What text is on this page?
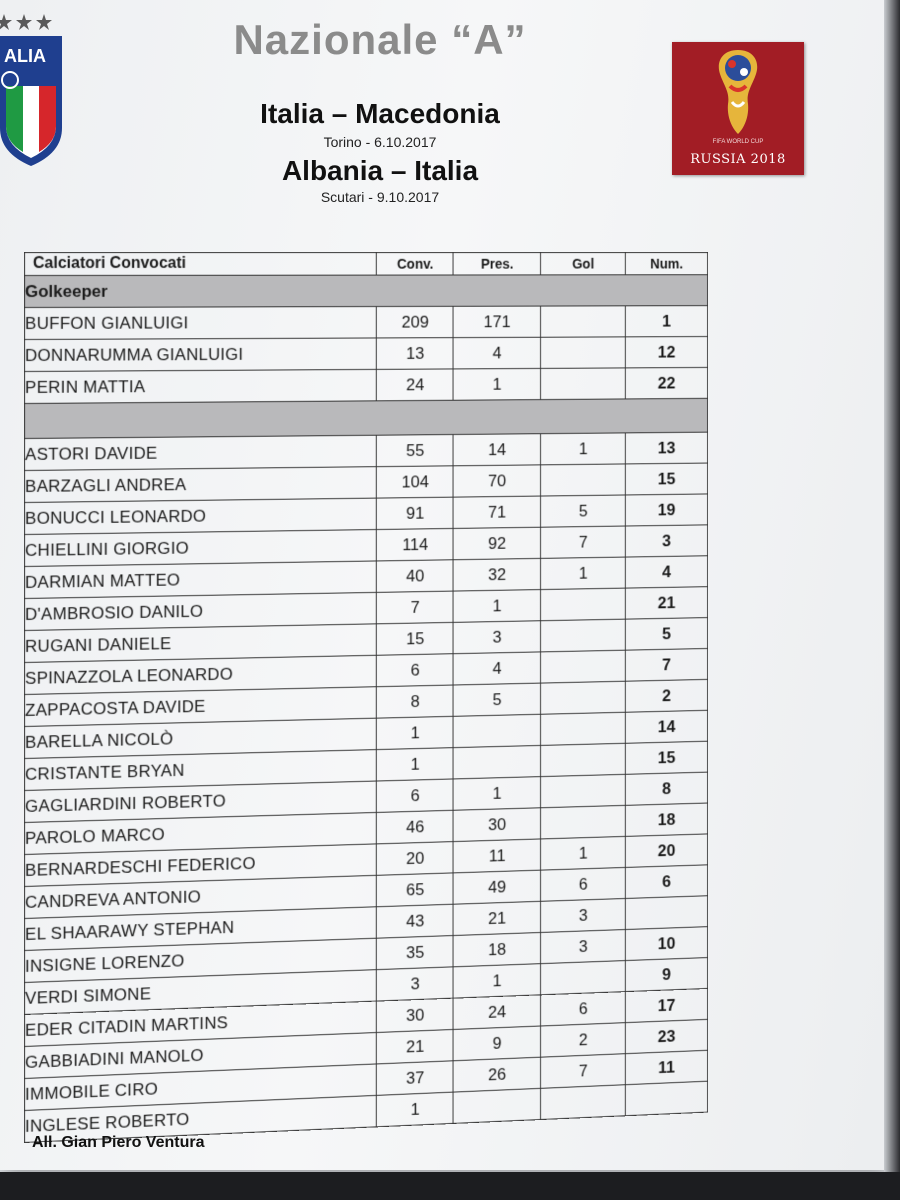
ALIA	Nazionale “A”
Italia – Macedonia
Torino - 6.10.2017
Albania – Italia
Scutari - 9.10.2017
FIFA WORLD CUP
RUSSIA 2018
Calciatori Convocati	Conv.	Pres.	Gol	Num.
Golkeeper				
BUFFON GIANLUIGI	209	171		1
DONNARUMMA GIANLUIGI	13	4		12
PERIN MATTIA	24	1		22

ASTORI DAVIDE	55	14	1	13
BARZAGLI ANDREA	104	70		15
BONUCCI LEONARDO	91	71	5	19
CHIELLINI GIORGIO	114	92	7	3
DARMIAN MATTEO	40	32	1	4
D'AMBROSIO DANILO	7	1		21
RUGANI DANIELE	15	3		5
SPINAZZOLA LEONARDO	6	4		7
ZAPPACOSTA DAVIDE	8	5		2
BARELLA NICOLÒ	1			14
CRISTANTE BRYAN	1			15
GAGLIARDINI ROBERTO	6	1		8
PAROLO MARCO	46	30		18
BERNARDESCHI FEDERICO	20	11	1	20
CANDREVA ANTONIO	65	49	6	6
EL SHAARAWY STEPHAN	43	21	3	
INSIGNE LORENZO	35	18	3	10
VERDI SIMONE	3	1		9
EDER CITADIN MARTINS	30	24	6	17
GABBIADINI MANOLO	21	9	2	23
IMMOBILE CIRO	37	26	7	11
INGLESE ROBERTO	1			
All. Gian Piero Ventura
